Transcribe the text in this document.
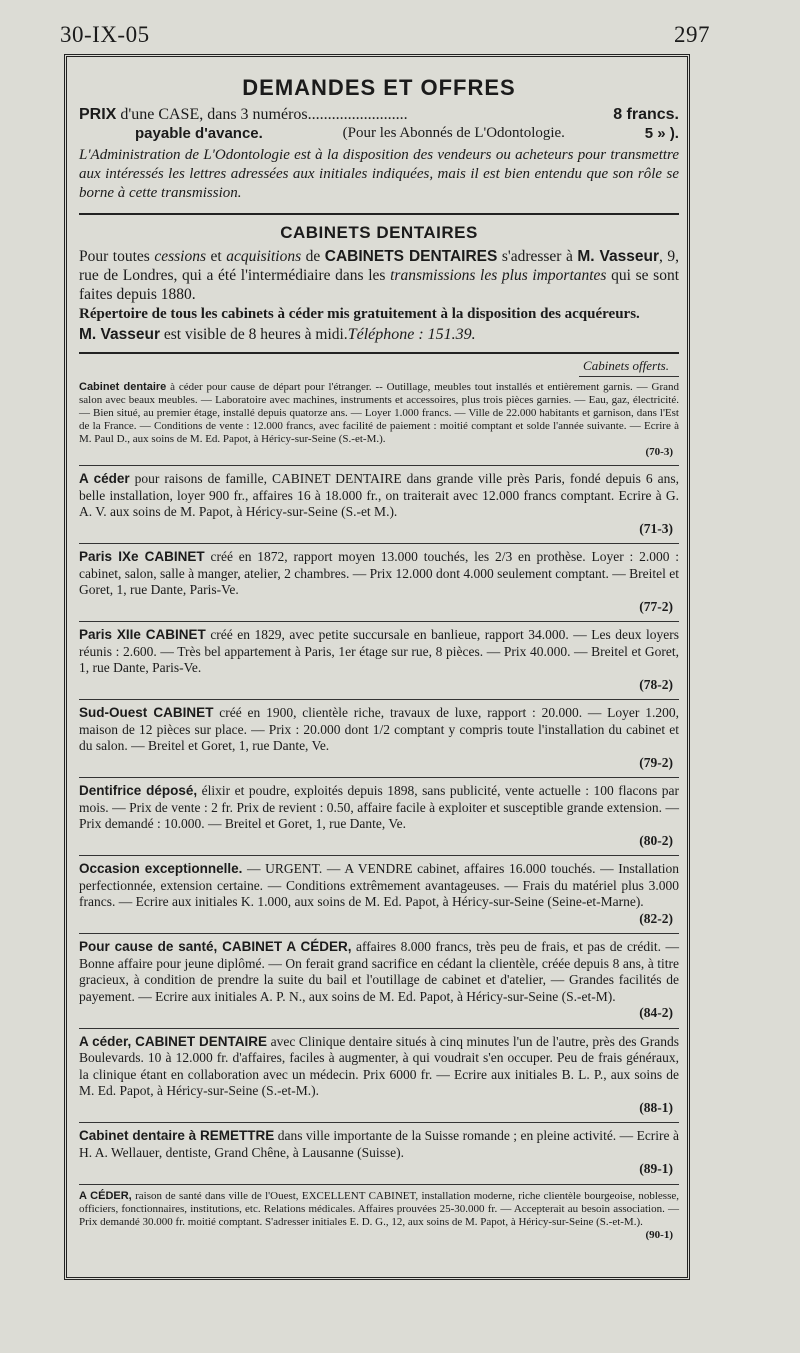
30-IX-05	297
DEMANDES ET OFFRES
PRIX d'une CASE, dans 3 numéros.........................	8 francs.
payable d'avance.	(Pour les Abonnés de L'Odontologie.	5 » ).
L'Administration de L'Odontologie est à la disposition des vendeurs ou acheteurs pour transmettre aux intéressés les lettres adressées aux initiales indiquées, mais il est bien entendu que son rôle se borne à cette transmission.
CABINETS DENTAIRES
Pour toutes cessions et acquisitions de CABINETS DENTAIRES s'adresser à M. Vasseur, 9, rue de Londres, qui a été l'intermédiaire dans les transmissions les plus importantes qui se sont faites depuis 1880.
Répertoire de tous les cabinets à céder mis gratuitement à la disposition des acquéreurs.
M. Vasseur est visible de 8 heures à midi.Téléphone : 151.39.
Cabinets offerts.
Cabinet dentaire à céder pour cause de départ pour l'étranger. -- Outillage, meubles tout installés et entièrement garnis. — Grand salon avec beaux meubles. — Laboratoire avec machines, instruments et accessoires, plus trois pièces garnies. — Eau, gaz, électricité. — Bien situé, au premier étage, installé depuis quatorze ans. — Loyer 1.000 francs. — Ville de 22.000 habitants et garnison, dans l'Est de la France. — Conditions de vente : 12.000 francs, avec facilité de paiement : moitié comptant et solde l'année suivante. — Ecrire à M. Paul D., aux soins de M. Ed. Papot, à Héricy-sur-Seine (S.-et-M.).
(70-3)
A céder pour raisons de famille, CABINET DENTAIRE dans grande ville près Paris, fondé depuis 6 ans, belle installation, loyer 900 fr., affaires 16 à 18.000 fr., on traiterait avec 12.000 francs comptant. Ecrire à G. A. V. aux soins de M. Papot, à Héricy-sur-Seine (S.-et M.).
(71-3)
Paris IXe CABINET créé en 1872, rapport moyen 13.000 touchés, les 2/3 en prothèse. Loyer : 2.000 : cabinet, salon, salle à manger, atelier, 2 chambres. — Prix 12.000 dont 4.000 seulement comptant. — Breitel et Goret, 1, rue Dante, Paris-Ve.
(77-2)
Paris XIIe CABINET créé en 1829, avec petite succursale en banlieue, rapport 34.000. — Les deux loyers réunis : 2.600. — Très bel appartement à Paris, 1er étage sur rue, 8 pièces. — Prix 40.000. — Breitel et Goret, 1, rue Dante, Paris-Ve.
(78-2)
Sud-Ouest CABINET créé en 1900, clientèle riche, travaux de luxe, rapport : 20.000. — Loyer 1.200, maison de 12 pièces sur place. — Prix : 20.000 dont 1/2 comptant y compris toute l'installation du cabinet et du salon. — Breitel et Goret, 1, rue Dante, Ve.
(79-2)
Dentifrice déposé, élixir et poudre, exploités depuis 1898, sans publicité, vente actuelle : 100 flacons par mois. — Prix de vente : 2 fr. Prix de revient : 0.50, affaire facile à exploiter et susceptible grande extension. — Prix demandé : 10.000. — Breitel et Goret, 1, rue Dante, Ve.
(80-2)
Occasion exceptionnelle. — URGENT. — A VENDRE cabinet, affaires 16.000 touchés. — Installation perfectionnée, extension certaine. — Conditions extrêmement avantageuses. — Frais du matériel plus 3.000 francs. — Ecrire aux initiales K. 1.000, aux soins de M. Ed. Papot, à Héricy-sur-Seine (Seine-et-Marne).
(82-2)
Pour cause de santé, CABINET A CÉDER, affaires 8.000 francs, très peu de frais, et pas de crédit. — Bonne affaire pour jeune diplômé. — On ferait grand sacrifice en cédant la clientèle, créée depuis 8 ans, à titre gracieux, à condition de prendre la suite du bail et l'outillage de cabinet et d'atelier, — Grandes facilités de payement. — Ecrire aux initiales A. P. N., aux soins de M. Ed. Papot, à Héricy-sur-Seine (S.-et-M).
(84-2)
A céder, CABINET DENTAIRE avec Clinique dentaire situés à cinq minutes l'un de l'autre, près des Grands Boulevards. 10 à 12.000 fr. d'affaires, faciles à augmenter, à qui voudrait s'en occuper. Peu de frais généraux, la clinique étant en collaboration avec un médecin. Prix 6000 fr. — Ecrire aux initiales B. L. P., aux soins de M. Ed. Papot, à Héricy-sur-Seine (S.-et-M.).
(88-1)
Cabinet dentaire à REMETTRE dans ville importante de la Suisse romande ; en pleine activité. — Ecrire à H. A. Wellauer, dentiste, Grand Chêne, à Lausanne (Suisse).
(89-1)
A CÉDER, raison de santé dans ville de l'Ouest, EXCELLENT CABINET, installation moderne, riche clientèle bourgeoise, noblesse, officiers, fonctionnaires, institutions, etc. Relations médicales. Affaires prouvées 25-30.000 fr. — Accepterait au besoin association. — Prix demandé 30.000 fr. moitié comptant. S'adresser initiales E. D. G., 12, aux soins de M. Papot, à Héricy-sur-Seine (S.-et-M.).
(90-1)
